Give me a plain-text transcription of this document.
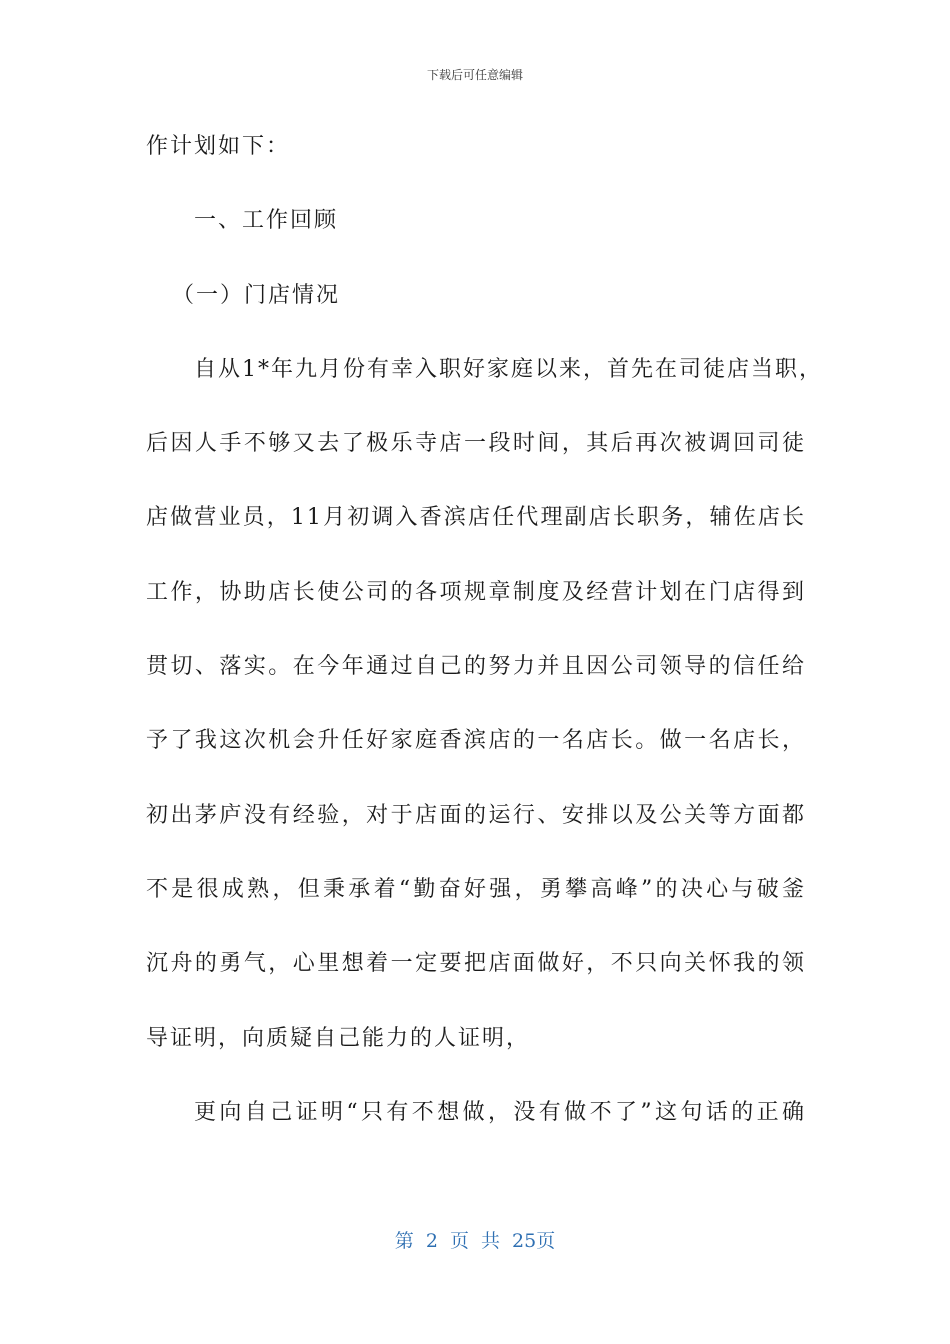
下载后可任意编辑
作计划如下：
一、工作回顾
（一）门店情况
自从1*年九月份有幸入职好家庭以来，首先在司徒店当职，
后因人手不够又去了极乐寺店一段时间，其后再次被调回司徒
店做营业员，11月初调入香滨店任代理副店长职务，辅佐店长
工作，协助店长使公司的各项规章制度及经营计划在门店得到
贯切、落实。在今年通过自己的努力并且因公司领导的信任给
予了我这次机会升任好家庭香滨店的一名店长。做一名店长，
初出茅庐没有经验，对于店面的运行、安排以及公关等方面都
不是很成熟，但秉承着“勤奋好强，勇攀高峰”的决心与破釜
沉舟的勇气，心里想着一定要把店面做好，不只向关怀我的领
导证明，向质疑自己能力的人证明，
更向自己证明“只有不想做，没有做不了”这句话的正确
第 2 页 共 25页
